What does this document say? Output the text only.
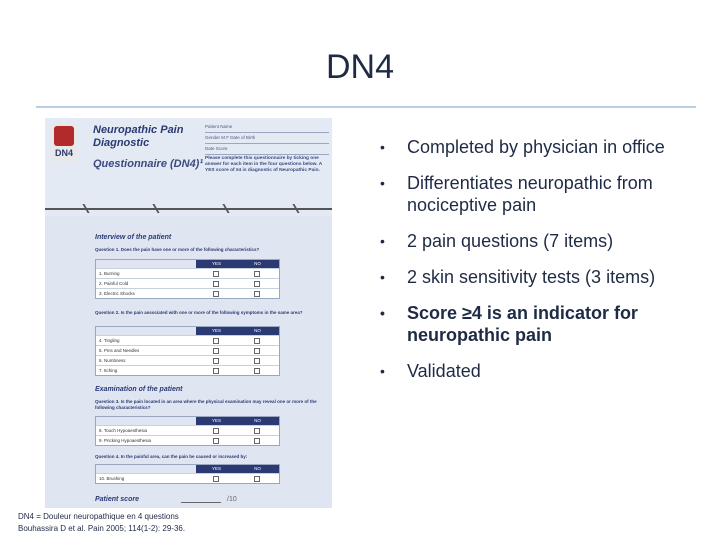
DN4
DN4
Neuropathic Pain Diagnostic
Questionnaire (DN4)¹
Patient Name
Gender M F Date of Birth
Date Score
Please complete this questionnaire by ticking one answer for each item in the four questions below. A YES score of ≥4 is diagnostic of Neuropathic Pain.
Interview of the patient
Question 1. Does the pain have one or more of the following characteristics?
YES	NO
1. Burning
2. Painful Cold
3. Electric Shocks
Question 2. Is the pain associated with one or more of the following symptoms in the same area?
YES	NO
4. Tingling
5. Pins and Needles
6. Numbness
7. Itching
Examination of the patient
Question 3. Is the pain located in an area where the physical examination may reveal one or more of the following characteristics?
YES	NO
8. Touch Hypoaesthesia
9. Pricking Hypoaesthesia
Question 4. In the painful area, can the pain be caused or increased by:
YES	NO
10. Brushing
Patient score	/10
DN4 = Douleur neuropathique en 4 questions
Bouhassira D et al. Pain 2005; 114(1-2): 29-36.
• Completed by physician in office
• Differentiates neuropathic from nociceptive pain
• 2 pain questions (7 items)
• 2 skin sensitivity tests (3 items)
• Score ≥4 is an indicator for neuropathic pain
• Validated
